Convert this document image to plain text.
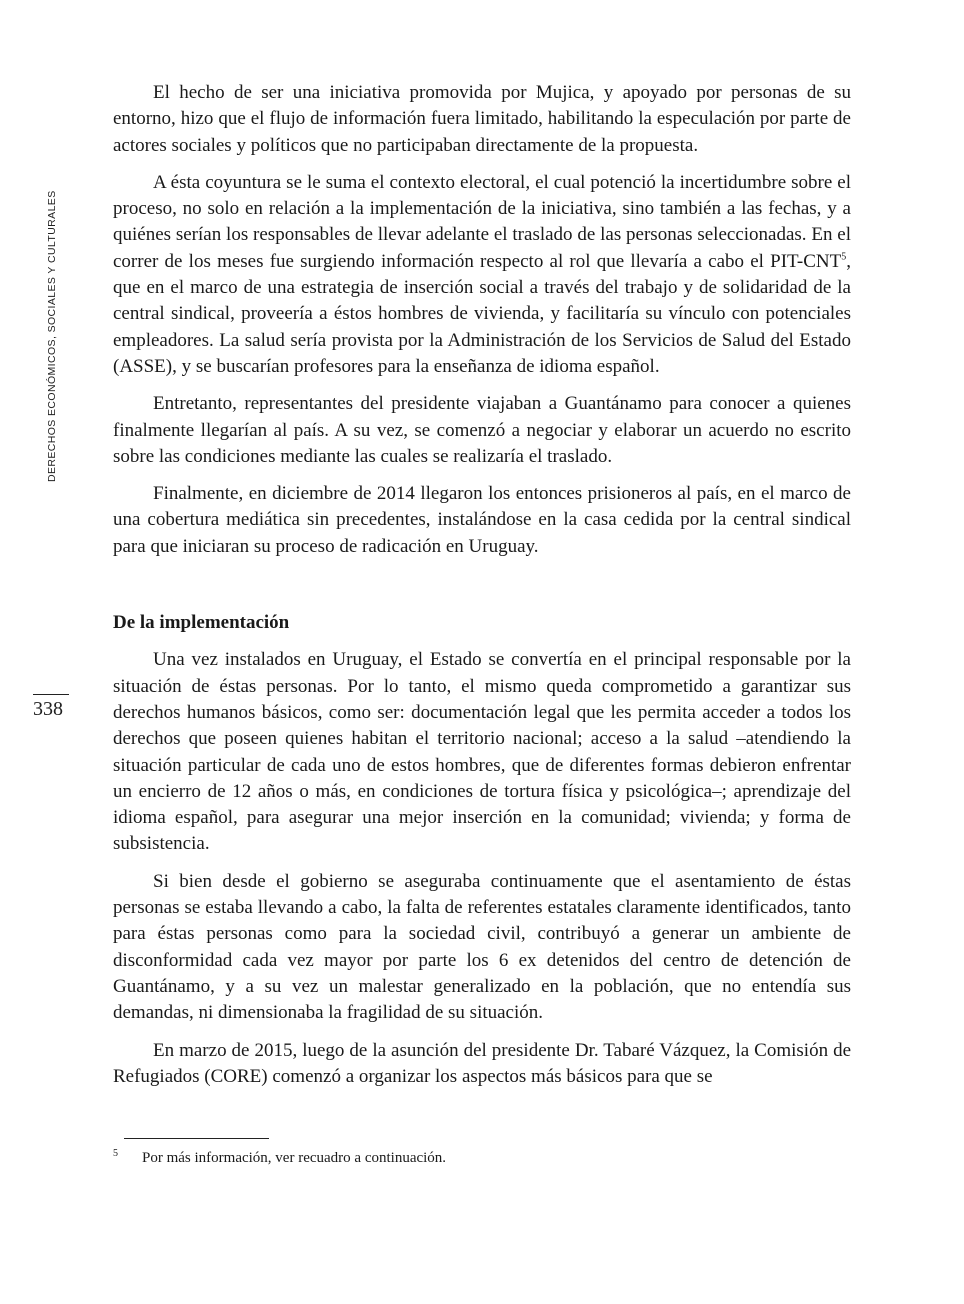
DERECHOS ECONÓMICOS, SOCIALES Y CULTURALES
338

El hecho de ser una iniciativa promovida por Mujica, y apoyado por personas de su entorno, hizo que el flujo de información fuera limitado, habilitando la especulación por parte de actores sociales y políticos que no participaban directamente de la propuesta.

A ésta coyuntura se le suma el contexto electoral, el cual potenció la incertidumbre sobre el proceso, no solo en relación a la implementación de la iniciativa, sino también a las fechas, y a quiénes serían los responsables de llevar adelante el traslado de las personas seleccionadas. En el correr de los meses fue surgiendo información respecto al rol que llevaría a cabo el PIT-CNT$^5$, que en el marco de una estrategia de inserción social a través del trabajo y de solidaridad de la central sindical, proveería a éstos hombres de vivienda, y facilitaría su vínculo con potenciales empleadores. La salud sería provista por la Administración de los Servicios de Salud del Estado (ASSE), y se buscarían profesores para la enseñanza de idioma español.

Entretanto, representantes del presidente viajaban a Guantánamo para conocer a quienes finalmente llegarían al país. A su vez, se comenzó a negociar y elaborar un acuerdo no escrito sobre las condiciones mediante las cuales se realizaría el traslado.

Finalmente, en diciembre de 2014 llegaron los entonces prisioneros al país, en el marco de una cobertura mediática sin precedentes, instalándose en la casa cedida por la central sindical para que iniciaran su proceso de radicación en Uruguay.

De la implementación

Una vez instalados en Uruguay, el Estado se convertía en el principal responsable por la situación de éstas personas. Por lo tanto, el mismo queda comprometido a garantizar sus derechos humanos básicos, como ser: documentación legal que les permita acceder a todos los derechos que poseen quienes habitan el territorio nacional; acceso a la salud –atendiendo la situación particular de cada uno de estos hombres, que de diferentes formas debieron enfrentar un encierro de 12 años o más, en condiciones de tortura física y psicológica–; aprendizaje del idioma español, para asegurar una mejor inserción en la comunidad; vivienda; y forma de subsistencia.

Si bien desde el gobierno se aseguraba continuamente que el asentamiento de éstas personas se estaba llevando a cabo, la falta de referentes estatales claramente identificados, tanto para éstas personas como para la sociedad civil, contribuyó a generar un ambiente de disconformidad cada vez mayor por parte los 6 ex detenidos del centro de detención de Guantánamo, y a su vez un malestar generalizado en la población, que no entendía sus demandas, ni dimensionaba la fragilidad de su situación.

En marzo de 2015, luego de la asunción del presidente Dr. Tabaré Vázquez, la Comisión de Refugiados (CORE) comenzó a organizar los aspectos más básicos para que se

5 Por más información, ver recuadro a continuación.
